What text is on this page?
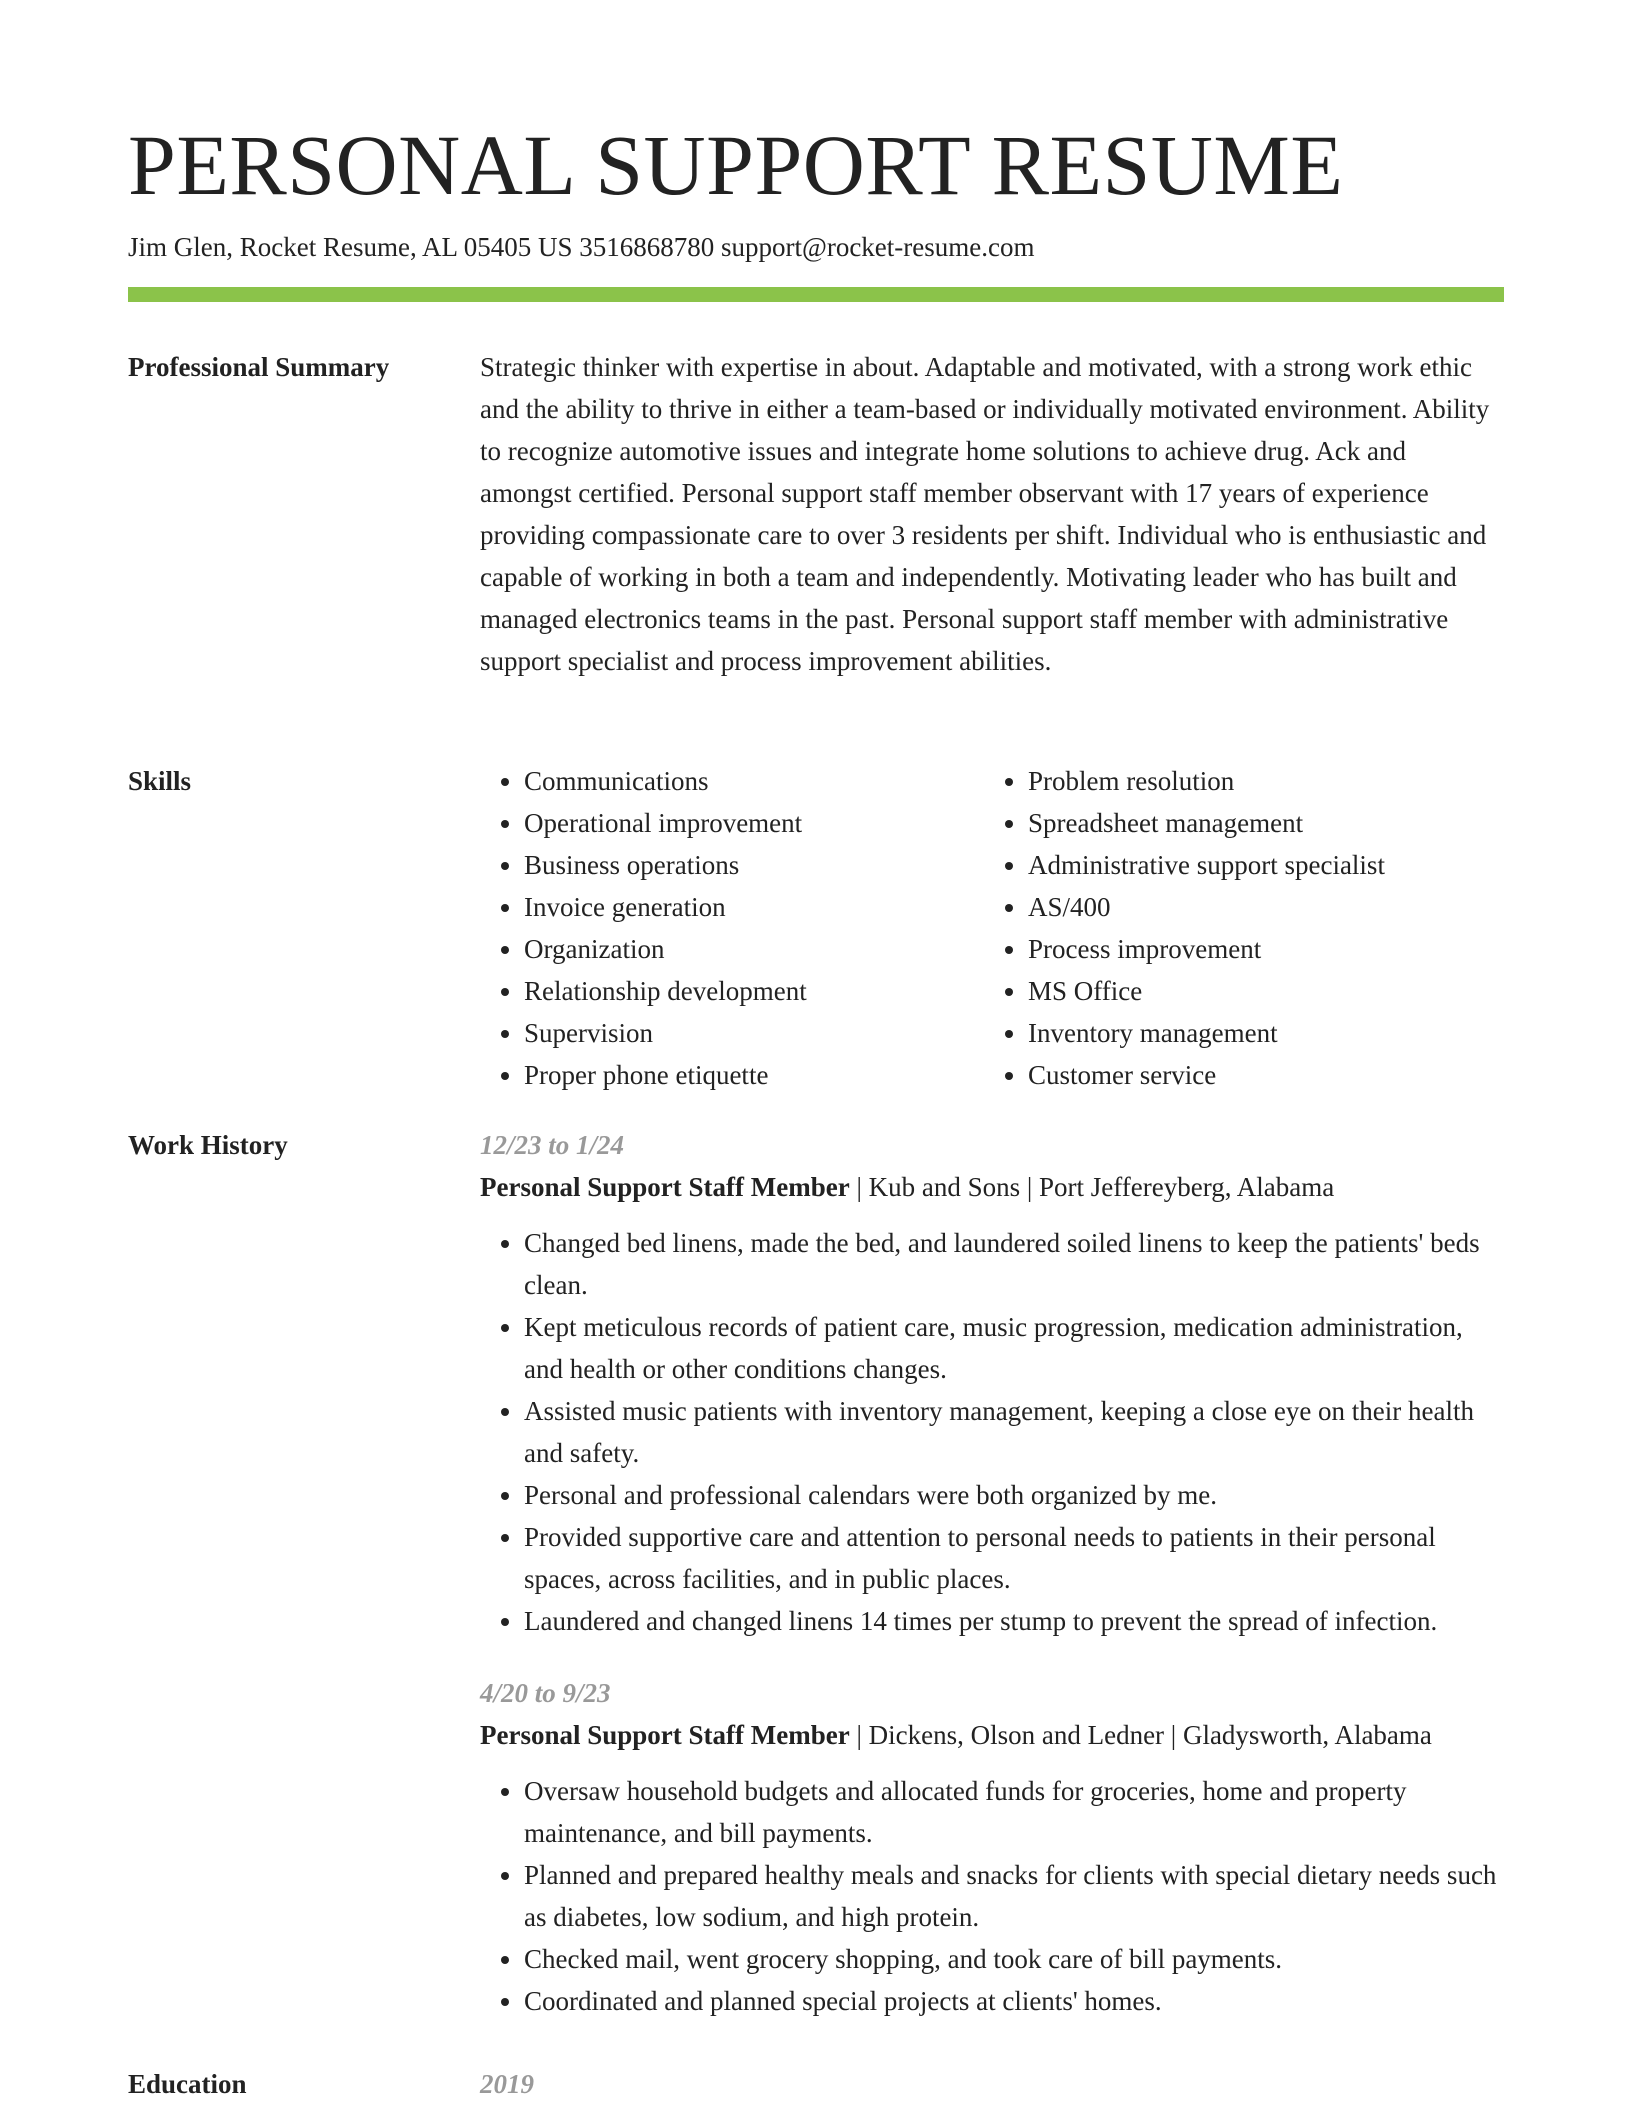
PERSONAL SUPPORT RESUME
Jim Glen, Rocket Resume, AL 05405 US 3516868780 support@rocket-resume.com
Professional Summary	Strategic thinker with expertise in about. Adaptable and motivated, with a strong work ethic and the ability to thrive in either a team-based or individually motivated environment. Ability to recognize automotive issues and integrate home solutions to achieve drug. Ack and amongst certified. Personal support staff member observant with 17 years of experience providing compassionate care to over 3 residents per shift. Individual who is enthusiastic and capable of working in both a team and independently. Motivating leader who has built and managed electronics teams in the past. Personal support staff member with administrative support specialist and process improvement abilities.

Skills
•	Communications
• Operational improvement
• Business operations
• Invoice generation
• Organization
• Relationship development
• Supervision
• Proper phone etiquette
• Problem resolution
• Spreadsheet management
• Administrative support specialist
• AS/400
• Process improvement
• MS Office
• Inventory management
• Customer service
Work History	12/23 to 1/24
Personal Support Staff Member | Kub and Sons | Port Jeffereyberg, Alabama
• Changed bed linens, made the bed, and laundered soiled linens to keep the patients' beds clean.
• Kept meticulous records of patient care, music progression, medication administration, and health or other conditions changes.
• Assisted music patients with inventory management, keeping a close eye on their health and safety.
• Personal and professional calendars were both organized by me.
• Provided supportive care and attention to personal needs to patients in their personal spaces, across facilities, and in public places.
• Laundered and changed linens 14 times per stump to prevent the spread of infection.
4/20 to 9/23
Personal Support Staff Member | Dickens, Olson and Ledner | Gladysworth, Alabama
• Oversaw household budgets and allocated funds for groceries, home and property maintenance, and bill payments.
• Planned and prepared healthy meals and snacks for clients with special dietary needs such as diabetes, low sodium, and high protein.
• Checked mail, went grocery shopping, and took care of bill payments.
• Coordinated and planned special projects at clients' homes.
Education	2019
